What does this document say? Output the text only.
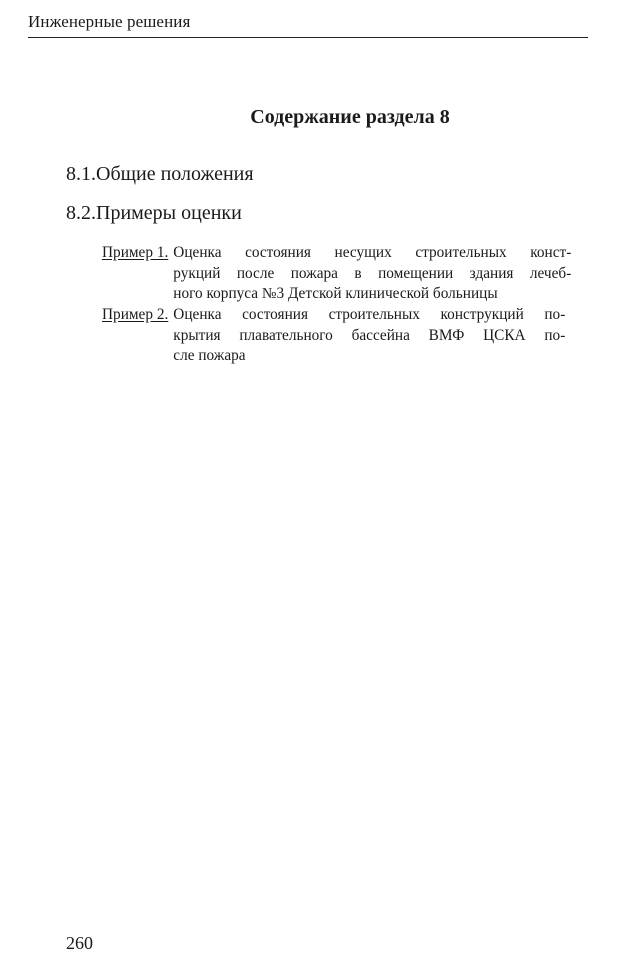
Инженерные решения
Содержание раздела 8
8.1.Общие положения
8.2.Примеры оценки
Пример 1. Оценка состояния несущих строительных конст-
рукций после пожара в помещении здания лечеб-
ного корпуса №3 Детской клинической больницы
Пример 2. Оценка состояния строительных конструкций по-
крытия плавательного бассейна ВМФ ЦСКА по-
сле пожара
260
